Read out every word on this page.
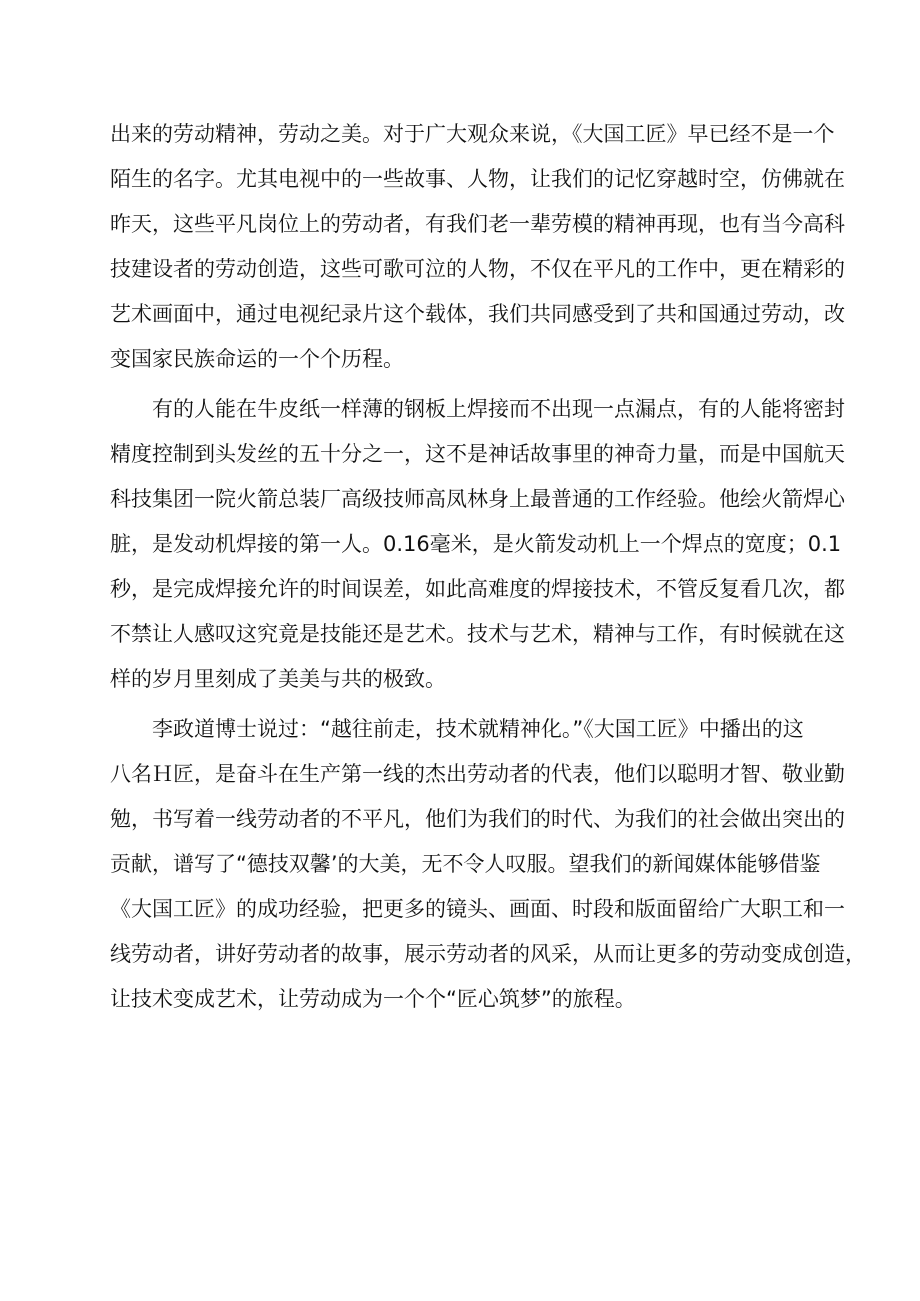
出来的劳动精神，劳动之美。对于广大观众来说，《大国工匠》早已经不是一个
陌生的名字。尤其电视中的一些故事、人物，让我们的记忆穿越时空，仿佛就在
昨天，这些平凡岗位上的劳动者，有我们老一辈劳模的精神再现，也有当今高科
技建设者的劳动创造，这些可歌可泣的人物，不仅在平凡的工作中，更在精彩的
艺术画面中，通过电视纪录片这个载体，我们共同感受到了共和国通过劳动，改
变国家民族命运的一个个历程。
　　有的人能在牛皮纸一样薄的钢板上焊接而不出现一点漏点，有的人能将密封
精度控制到头发丝的五十分之一，这不是神话故事里的神奇力量，而是中国航天
科技集团一院火箭总装厂高级技师高凤林身上最普通的工作经验。他绘火箭焊心
脏，是发动机焊接的第一人。0.16毫米，是火箭发动机上一个焊点的宽度；0.1
秒，是完成焊接允许的时间误差，如此高难度的焊接技术，不管反复看几次，都
不禁让人感叹这究竟是技能还是艺术。技术与艺术，精神与工作，有时候就在这
样的岁月里刻成了美美与共的极致。
　　李政道博士说过：“越往前走，技术就精神化。”《大国工匠》中播出的这
八名Ｈ匠，是奋斗在生产第一线的杰出劳动者的代表，他们以聪明才智、敬业勤
勉，书写着一线劳动者的不平凡，他们为我们的时代、为我们的社会做出突出的
贡献，谱写了“德技双馨’的大美，无不令人叹服。望我们的新闻媒体能够借鉴
《大国工匠》的成功经验，把更多的镜头、画面、时段和版面留给广大职工和一
线劳动者，讲好劳动者的故事，展示劳动者的风采，从而让更多的劳动变成创造，
让技术变成艺术，让劳动成为一个个“匠心筑梦”的旅程。
